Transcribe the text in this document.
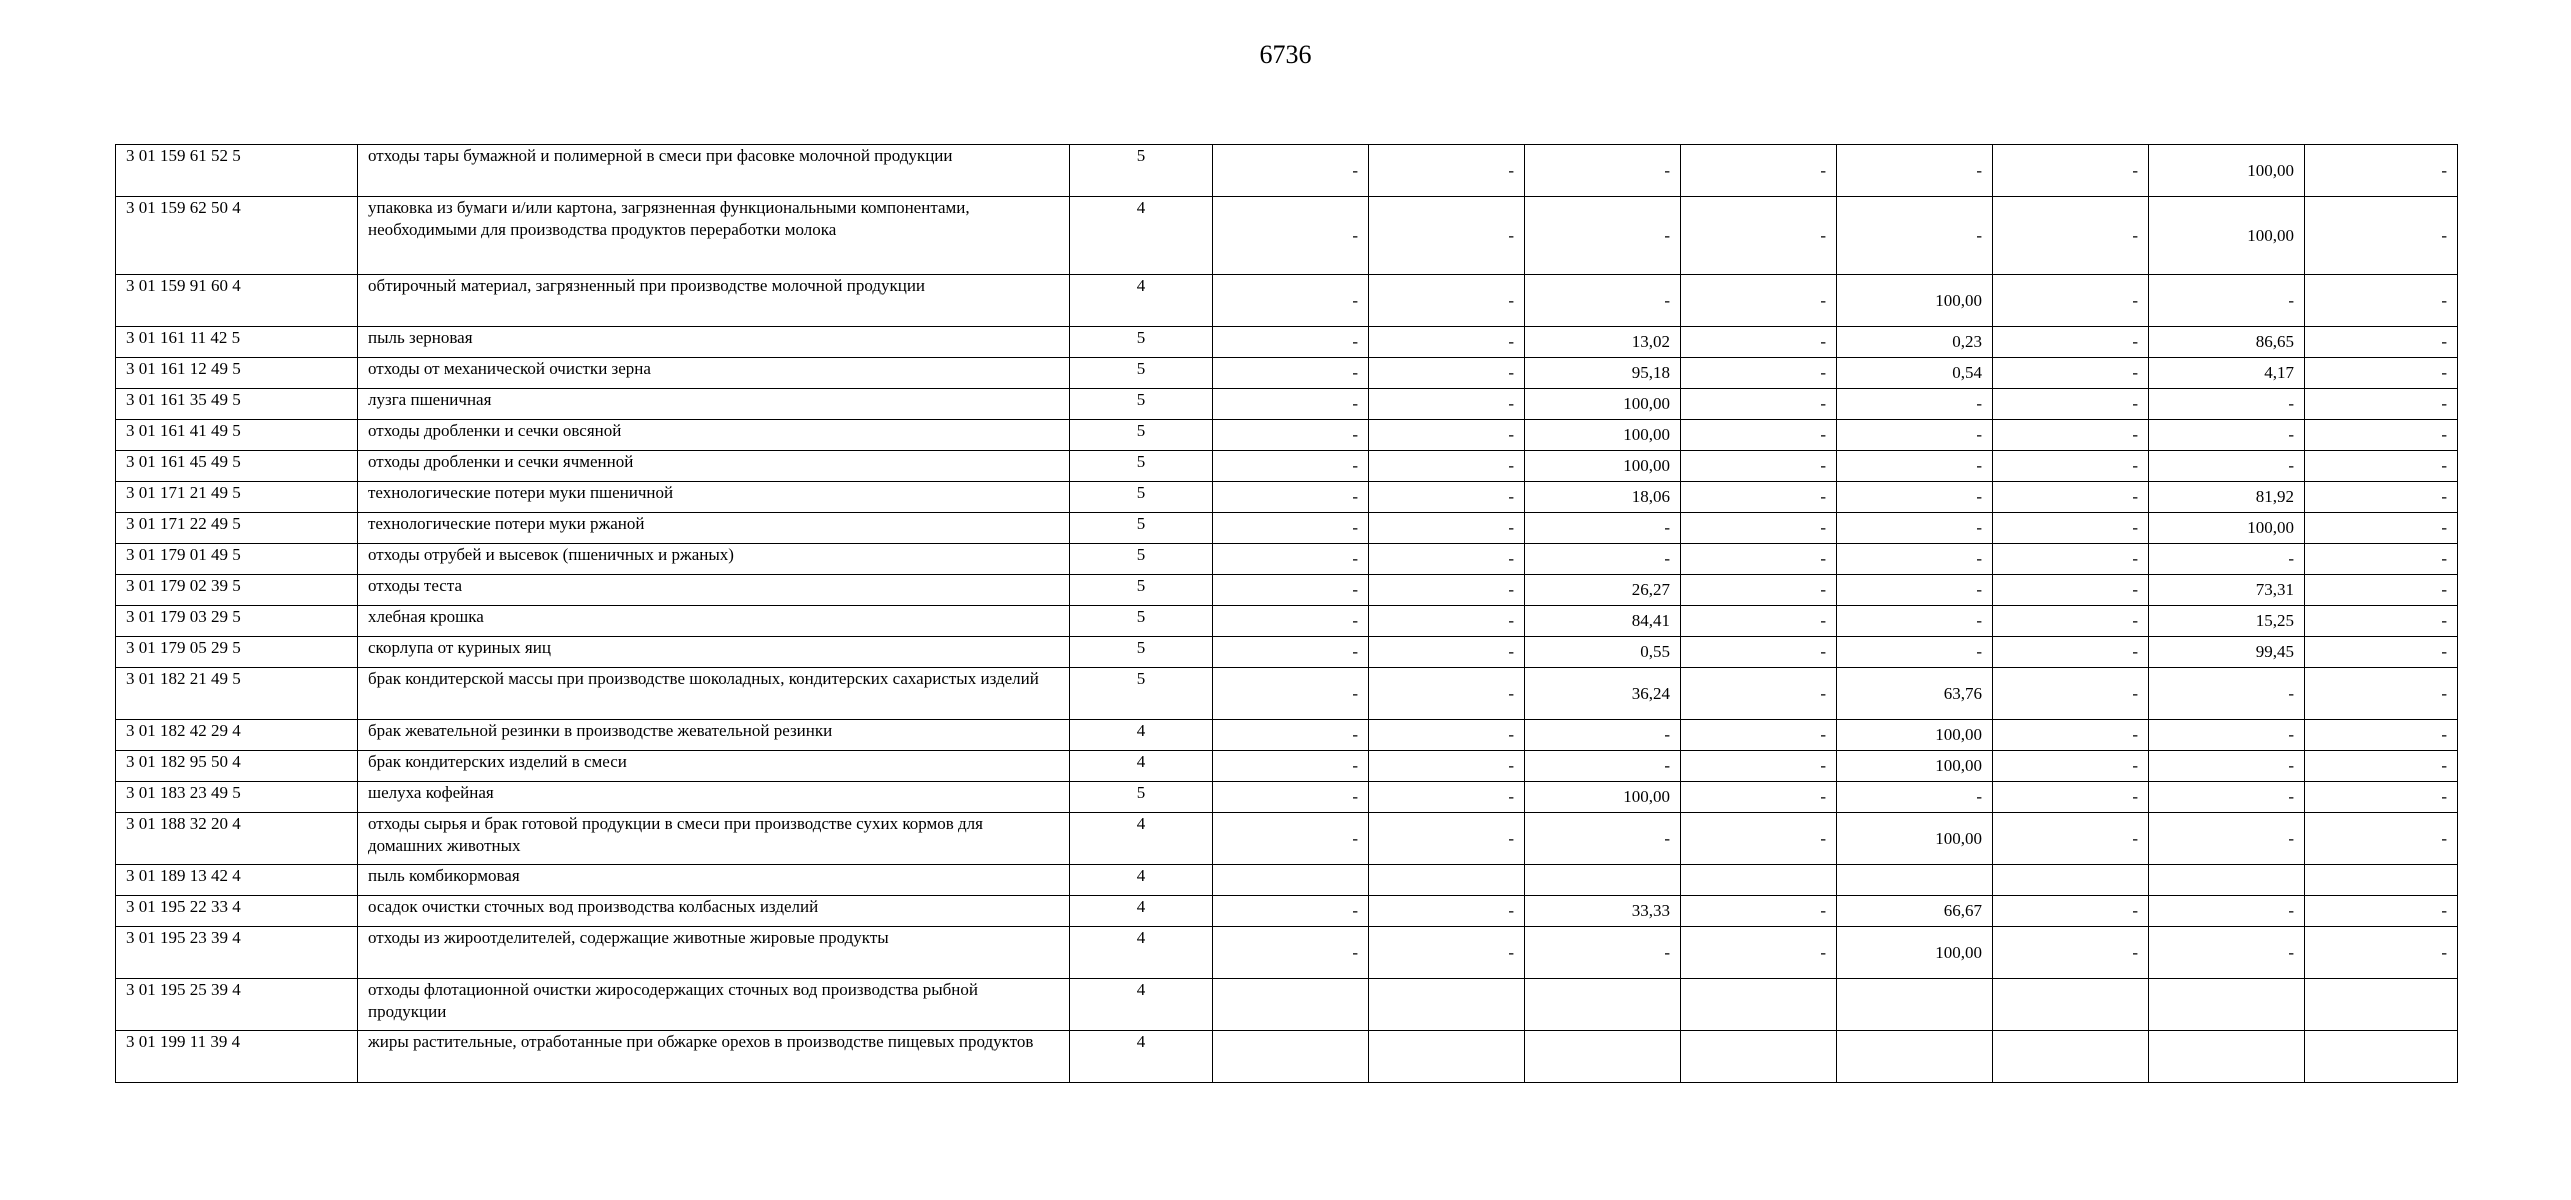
6736
3 01 159 61 52 5	отходы тары бумажной и полимерной в смеси при фасовке молочной продукции	5	-	-	-	-	-	-	100,00	-
3 01 159 62 50 4	упаковка из бумаги и/или картона, загрязненная функциональными компонентами, необходимыми для производства продуктов переработки молока	4	-	-	-	-	-	-	100,00	-
3 01 159 91 60 4	обтирочный материал, загрязненный при производстве молочной продукции	4	-	-	-	-	100,00	-	-	-
3 01 161 11 42 5	пыль зерновая	5	-	-	13,02	-	0,23	-	86,65	-
3 01 161 12 49 5	отходы от механической очистки зерна	5	-	-	95,18	-	0,54	-	4,17	-
3 01 161 35 49 5	лузга пшеничная	5	-	-	100,00	-	-	-	-	-
3 01 161 41 49 5	отходы дробленки и сечки овсяной	5	-	-	100,00	-	-	-	-	-
3 01 161 45 49 5	отходы дробленки и сечки ячменной	5	-	-	100,00	-	-	-	-	-
3 01 171 21 49 5	технологические потери муки пшеничной	5	-	-	18,06	-	-	-	81,92	-
3 01 171 22 49 5	технологические потери муки ржаной	5	-	-	-	-	-	-	100,00	-
3 01 179 01 49 5	отходы отрубей и высевок (пшеничных и ржаных)	5	-	-	-	-	-	-	-	-
3 01 179 02 39 5	отходы теста	5	-	-	26,27	-	-	-	73,31	-
3 01 179 03 29 5	хлебная крошка	5	-	-	84,41	-	-	-	15,25	-
3 01 179 05 29 5	скорлупа от куриных яиц	5	-	-	0,55	-	-	-	99,45	-
3 01 182 21 49 5	брак кондитерской массы при производстве шоколадных, кондитерских сахаристых изделий	5	-	-	36,24	-	63,76	-	-	-
3 01 182 42 29 4	брак жевательной резинки в производстве жевательной резинки	4	-	-	-	-	100,00	-	-	-
3 01 182 95 50 4	брак кондитерских изделий в смеси	4	-	-	-	-	100,00	-	-	-
3 01 183 23 49 5	шелуха кофейная	5	-	-	100,00	-	-	-	-	-
3 01 188 32 20 4	отходы сырья и брак готовой продукции в смеси при производстве сухих кормов для домашних животных	4	-	-	-	-	100,00	-	-	-
3 01 189 13 42 4	пыль комбикормовая	4								
3 01 195 22 33 4	осадок очистки сточных вод производства колбасных изделий	4	-	-	33,33	-	66,67	-	-	-
3 01 195 23 39 4	отходы из жироотделителей, содержащие животные жировые продукты	4	-	-	-	-	100,00	-	-	-
3 01 195 25 39 4	отходы флотационной очистки жиросодержащих сточных вод производства рыбной продукции	4								
3 01 199 11 39 4	жиры растительные, отработанные при обжарке орехов в производстве пищевых продуктов	4								
